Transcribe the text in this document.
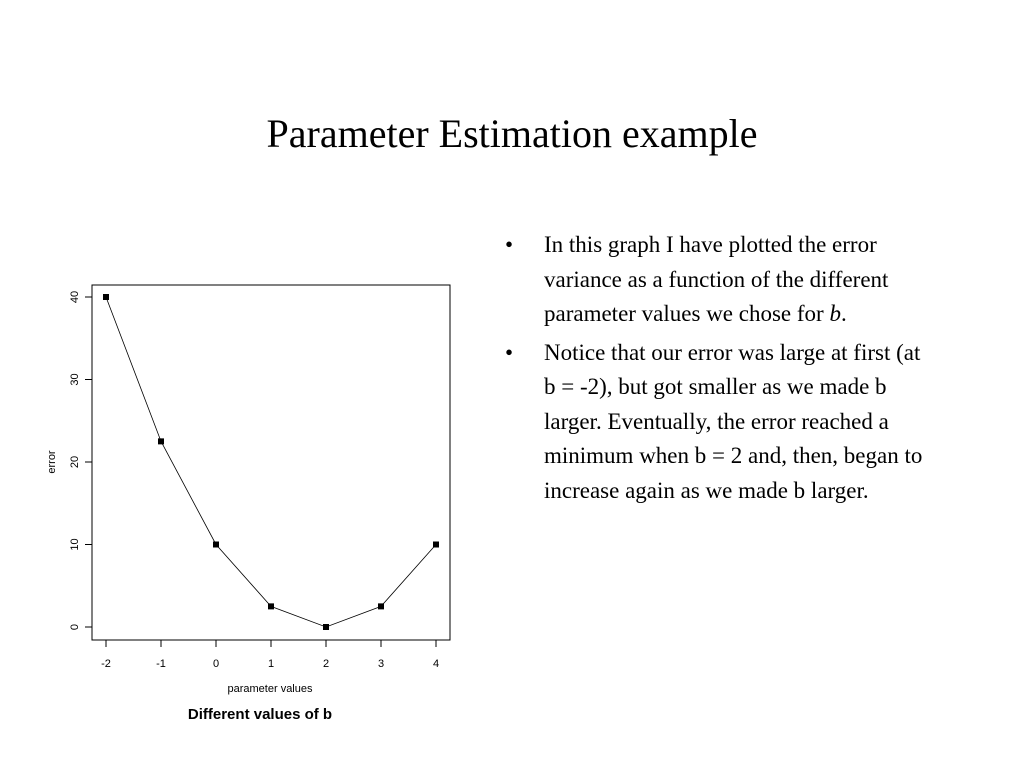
Parameter Estimation example
-2	-1	0	1	2	3	4
0
10
20
30
40
parameter values
error
Different values of b
• In this graph I have plotted the error variance as a function of the different parameter values we chose for b.
• Notice that our error was large at first (at b = -2), but got smaller as we made b larger. Eventually, the error reached a minimum when b = 2 and, then, began to increase again as we made b larger.
